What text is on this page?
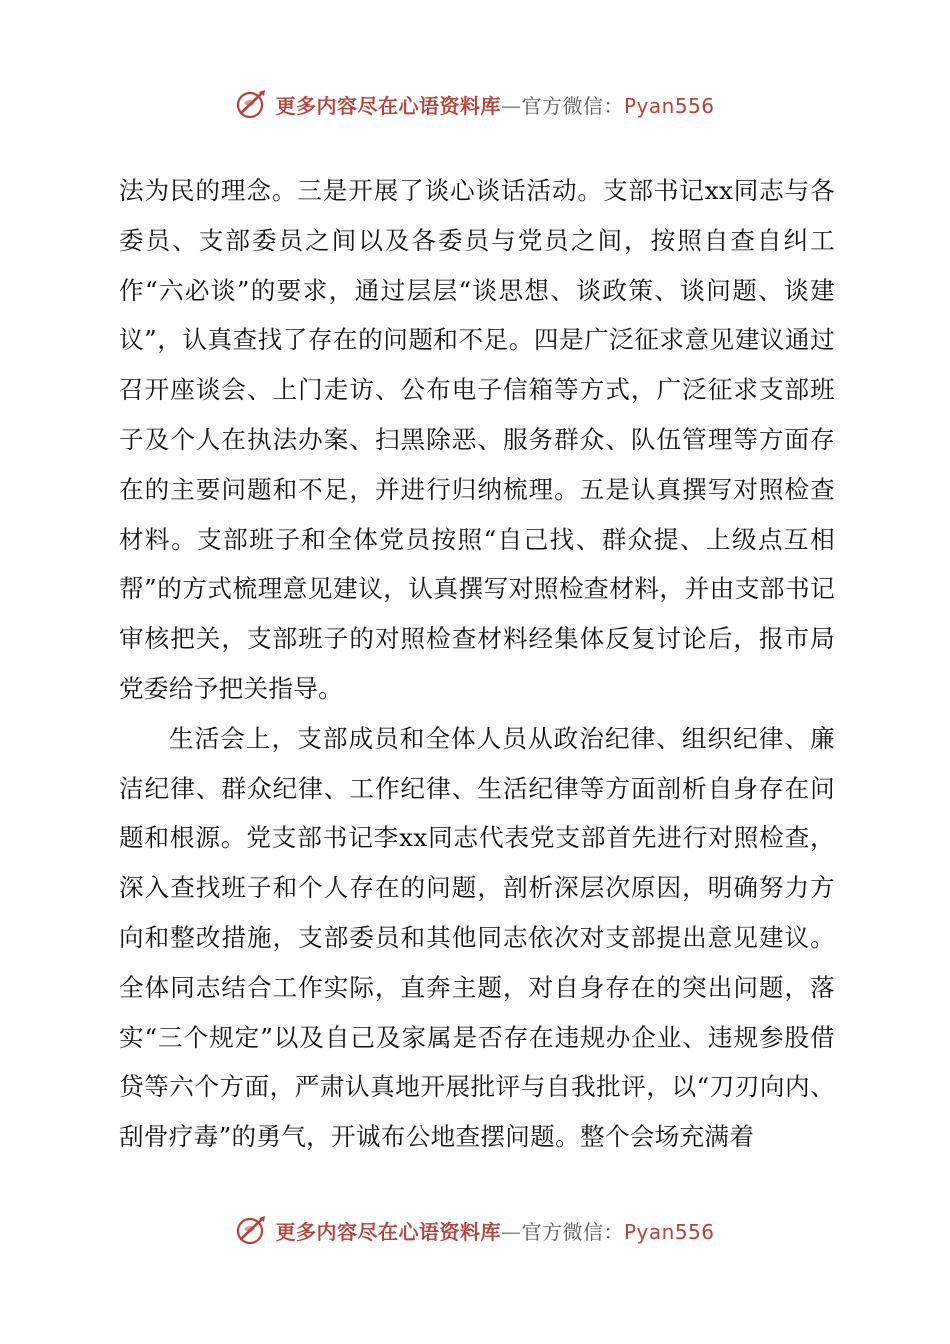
更多内容尽在心语资料库—官方微信：Pyan556

法为民的理念。三是开展了谈心谈话活动。支部书记xx同志与各委员、支部委员之间以及各委员与党员之间，按照自查自纠工作“六必谈”的要求，通过层层“谈思想、谈政策、谈问题、谈建议”，认真查找了存在的问题和不足。四是广泛征求意见建议通过召开座谈会、上门走访、公布电子信箱等方式，广泛征求支部班子及个人在执法办案、扫黑除恶、服务群众、队伍管理等方面存在的主要问题和不足，并进行归纳梳理。五是认真撰写对照检查材料。支部班子和全体党员按照“自己找、群众提、上级点互相帮”的方式梳理意见建议，认真撰写对照检查材料，并由支部书记审核把关，支部班子的对照检查材料经集体反复讨论后，报市局党委给予把关指导。

生活会上，支部成员和全体人员从政治纪律、组织纪律、廉洁纪律、群众纪律、工作纪律、生活纪律等方面剖析自身存在问题和根源。党支部书记李xx同志代表党支部首先进行对照检查，深入查找班子和个人存在的问题，剖析深层次原因，明确努力方向和整改措施，支部委员和其他同志依次对支部提出意见建议。全体同志结合工作实际，直奔主题，对自身存在的突出问题，落实“三个规定”以及自己及家属是否存在违规办企业、违规参股借贷等六个方面，严肃认真地开展批评与自我批评，以“刀刃向内、刮骨疗毒”的勇气，开诚布公地查摆问题。整个会场充满着

更多内容尽在心语资料库—官方微信：Pyan556
